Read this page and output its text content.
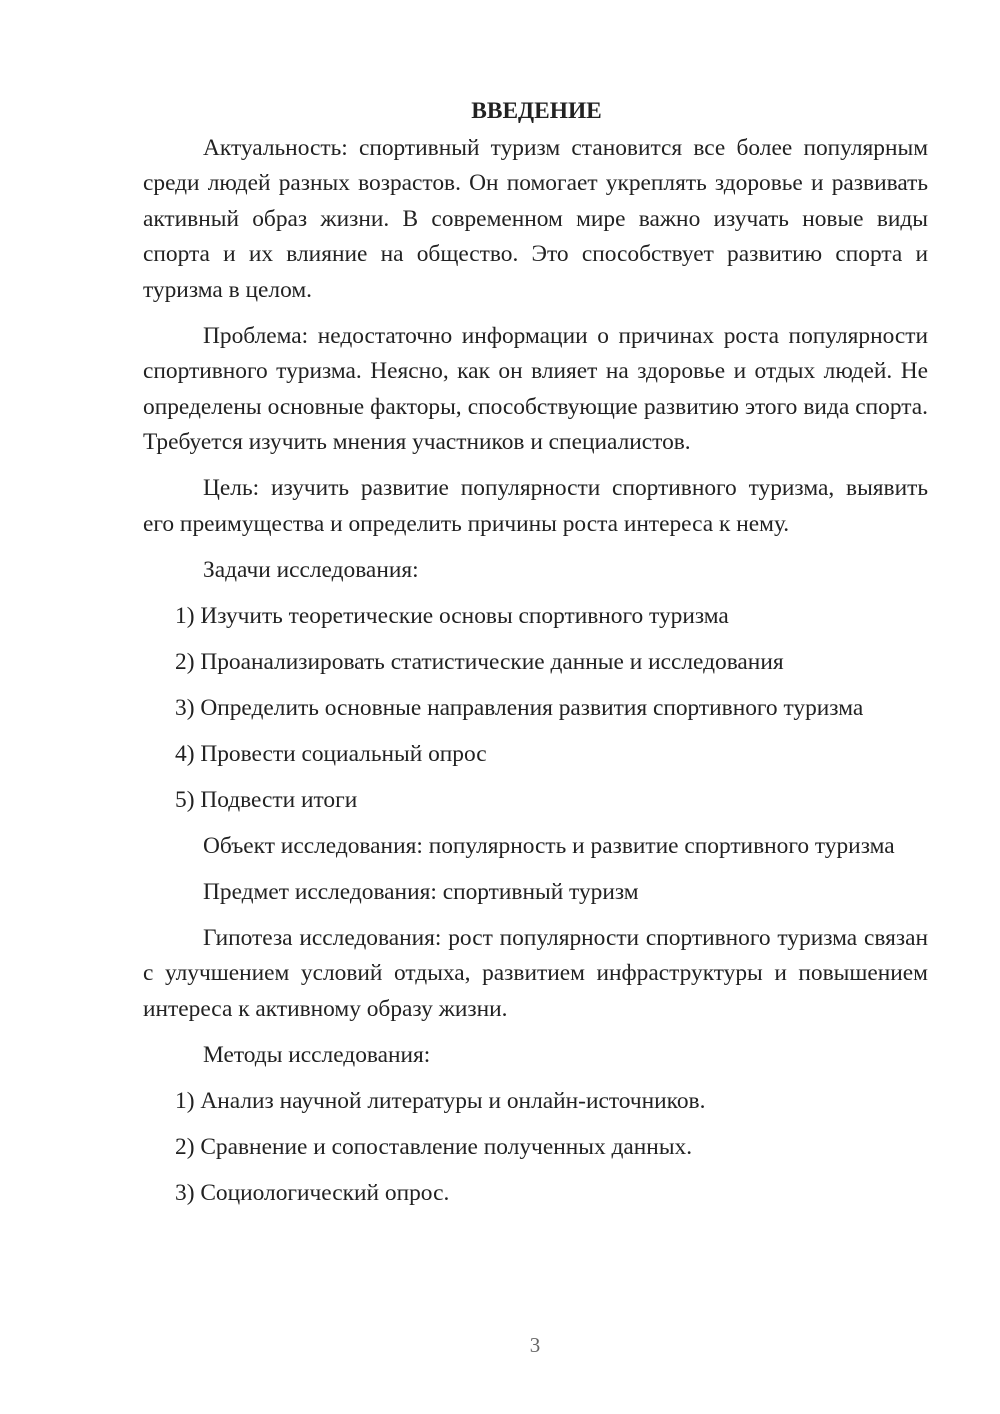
ВВЕДЕНИЕ

Актуальность: спортивный туризм становится все более популярным среди людей разных возрастов. Он помогает укреплять здоровье и развивать активный образ жизни. В современном мире важно изучать новые виды спорта и их влияние на общество. Это способствует развитию спорта и туризма в целом.

Проблема: недостаточно информации о причинах роста популярности спортивного туризма. Неясно, как он влияет на здоровье и отдых людей. Не определены основные факторы, способствующие развитию этого вида спорта. Требуется изучить мнения участников и специалистов.

Цель: изучить развитие популярности спортивного туризма, выявить его преимущества и определить причины роста интереса к нему.

Задачи исследования:
1) Изучить теоретические основы спортивного туризма
2) Проанализировать статистические данные и исследования
3) Определить основные направления развития спортивного туризма
4) Провести социальный опрос
5) Подвести итоги

Объект исследования: популярность и развитие спортивного туризма

Предмет исследования: спортивный туризм

Гипотеза исследования: рост популярности спортивного туризма связан с улучшением условий отдыха, развитием инфраструктуры и повышением интереса к активному образу жизни.

Методы исследования:
1) Анализ научной литературы и онлайн-источников.
2) Сравнение и сопоставление полученных данных.
3) Социологический опрос.
3
